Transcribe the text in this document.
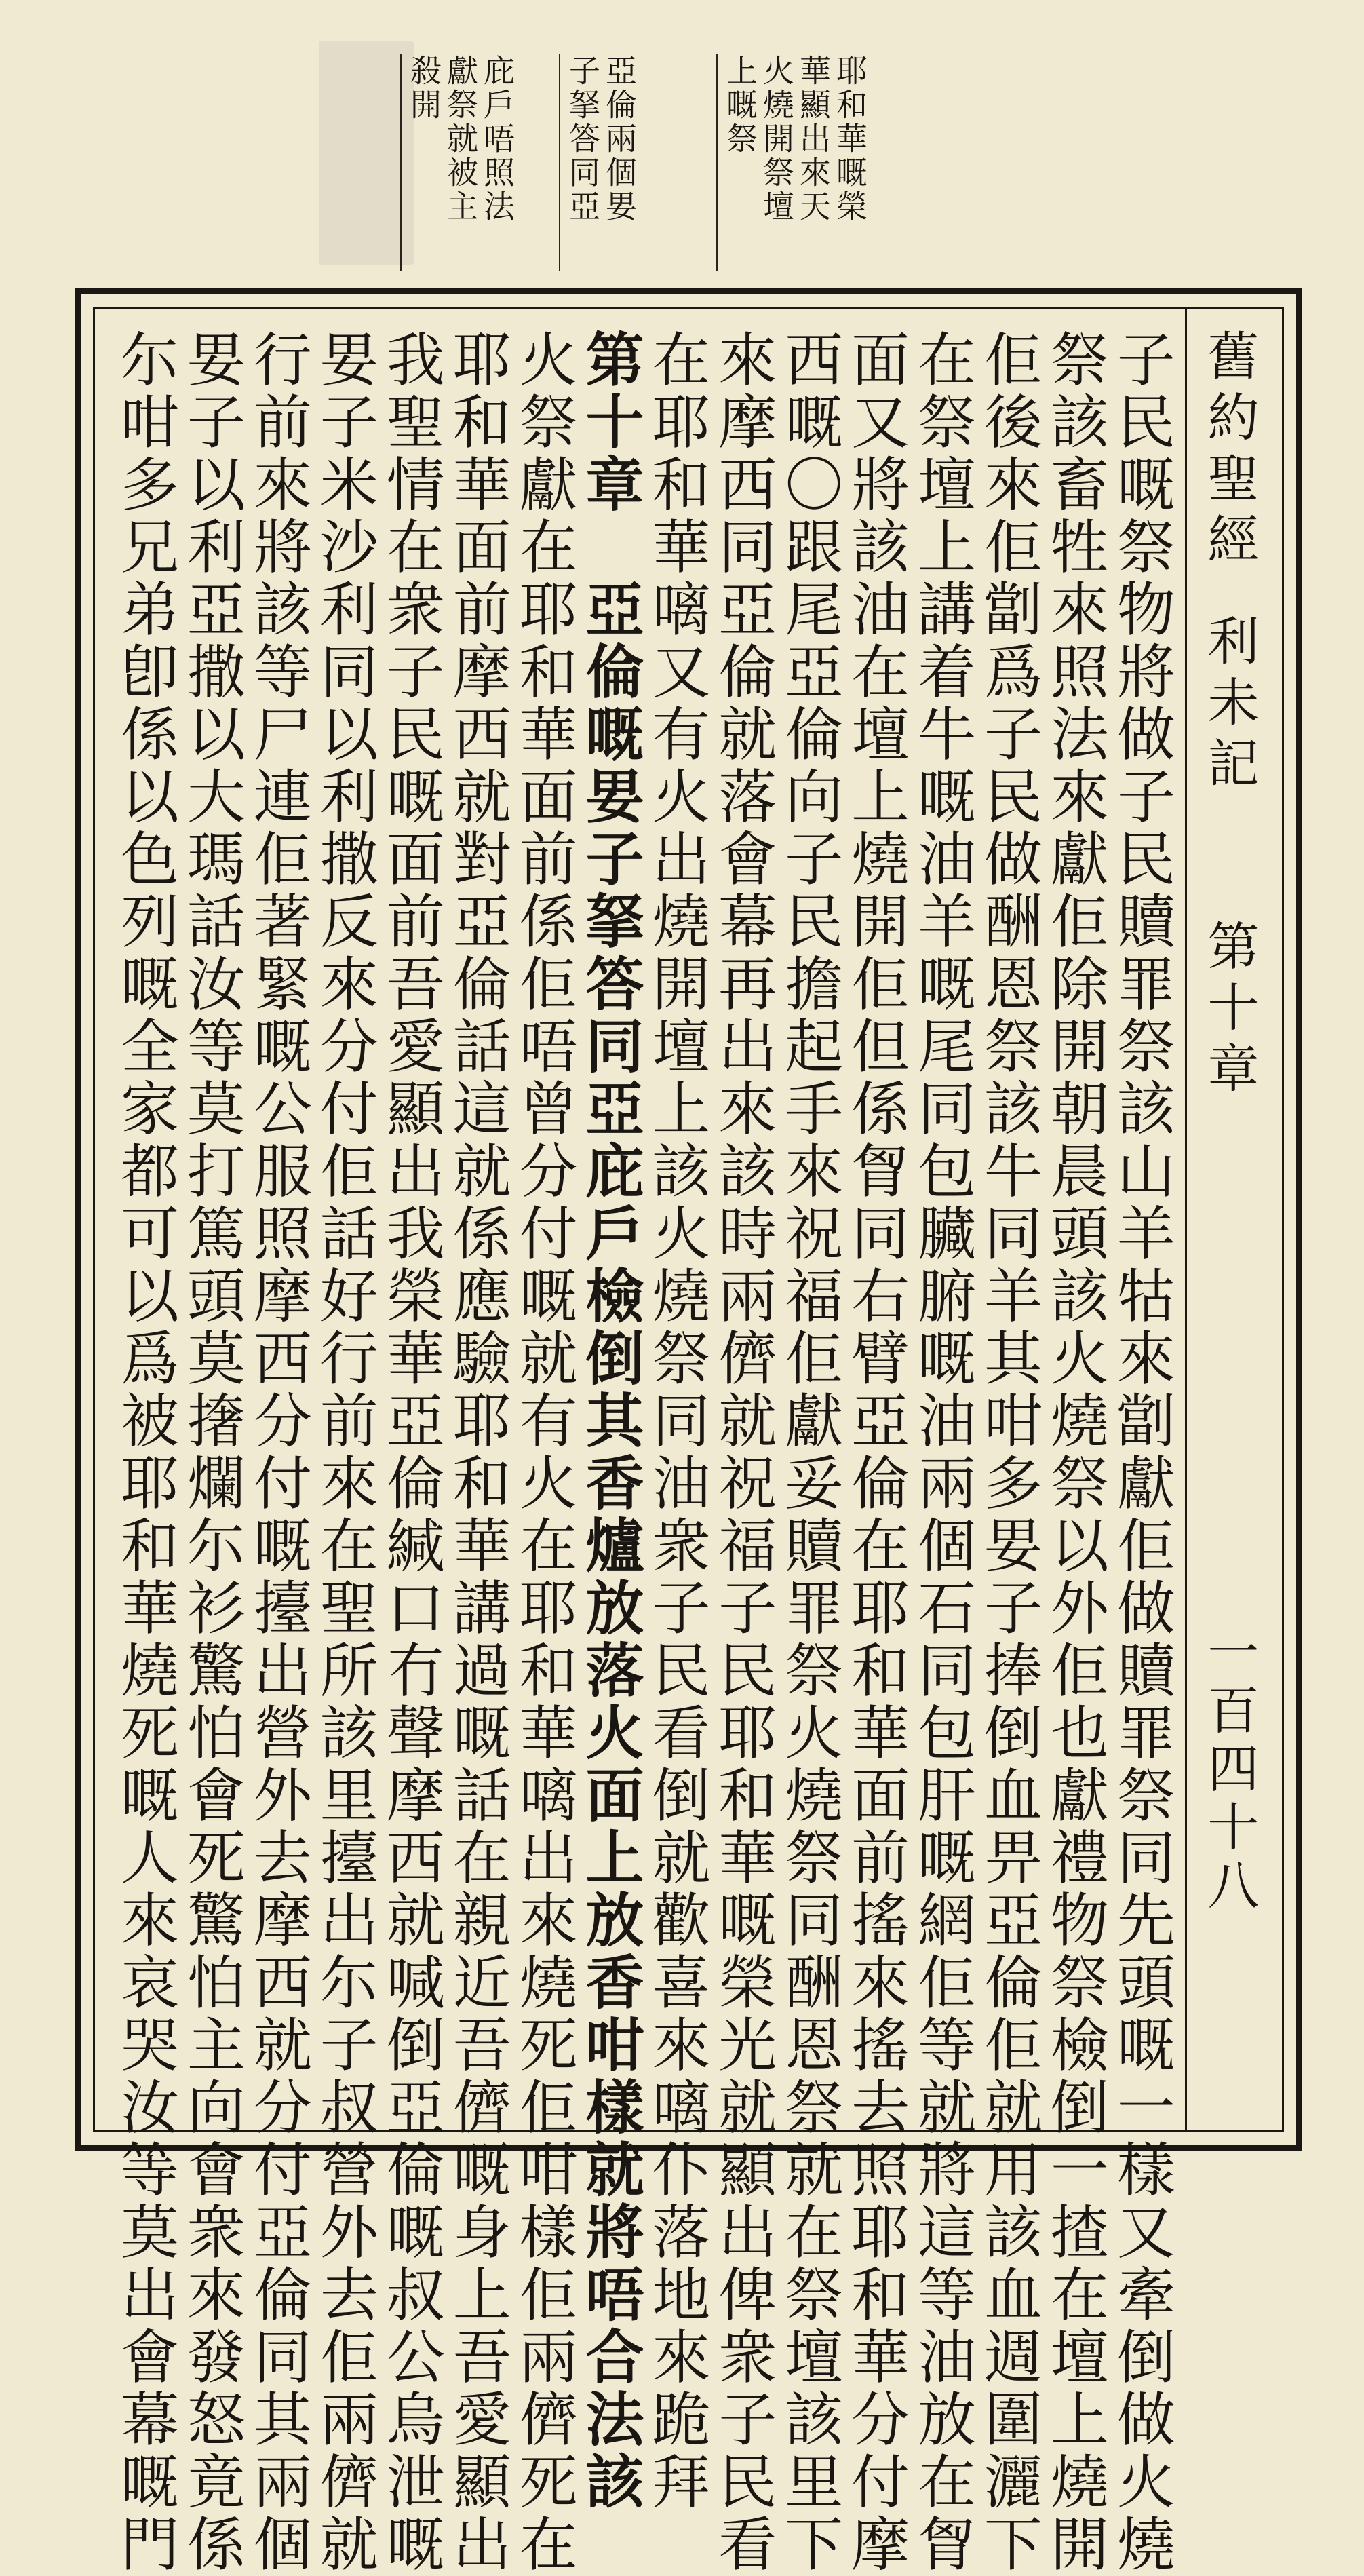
耶和華嘅榮
華顯出來天
火燒開祭壇
上嘅祭
亞倫兩個㚻
子拏答同亞
庇戶唔照法
獻祭就被主
殺開
舊約聖經
利未記
第十章
一百四十八
子民嘅祭物將做子民贖罪祭該山羊牯來劏獻佢做贖罪祭同先頭嘅一樣又牽倒做火燒
祭該畜牲來照法來獻佢除開朝晨頭該火燒祭以外佢也獻禮物祭檢倒一揸在壇上燒開
佢後來佢劏爲子民做酬恩祭該牛同羊其咁多㚻子捧倒血畀亞倫佢就用該血週圍灑下
在祭壇上講着牛嘅油羊嘅尾同包臟腑嘅油兩個石同包肝嘅網佢等就將這等油放在胷
面又將該油在壇上燒開佢但係胷同右臂亞倫在耶和華面前搖來搖去照耶和華分付摩
西嘅〇跟尾亞倫向子民擔起手來祝福佢獻妥贖罪祭火燒祭同酬恩祭就在祭壇該里下
來摩西同亞倫就落會幕再出來該時兩儕就祝福子民耶和華嘅榮光就顯出俾衆子民看
在耶和華𠻗又有火出燒開壇上該火燒祭同油衆子民看倒就歡喜來𠻗仆落地來跪拜
第十章　亞倫嘅㚻子拏答同亞庇戶檢倒其香爐放落火面上放香咁樣就將唔合法該
火祭獻在耶和華面前係佢唔曾分付嘅就有火在耶和華𠻗出來燒死佢咁樣佢兩儕死在
耶和華面前摩西就對亞倫話這就係應驗耶和華講過嘅話在親近吾儕嘅身上吾愛顯出
我聖情在衆子民嘅面前吾愛顯出我榮華亞倫緘口冇聲摩西就喊倒亞倫嘅叔公烏泄嘅
㚻子米沙利同以利撒反來分付佢話好行前來在聖所該里擡出尓子叔營外去佢兩儕就
行前來將該等尸連佢著緊嘅公服照摩西分付嘅擡出營外去摩西就分付亞倫同其兩個
㚻子以利亞撒以大瑪話汝等莫打篤頭莫撦爛尓衫驚怕會死驚怕主向會衆來發怒竟係
尓咁多兄弟卽係以色列嘅全家都可以爲被耶和華燒死嘅人來哀哭汝等莫出會幕嘅門
